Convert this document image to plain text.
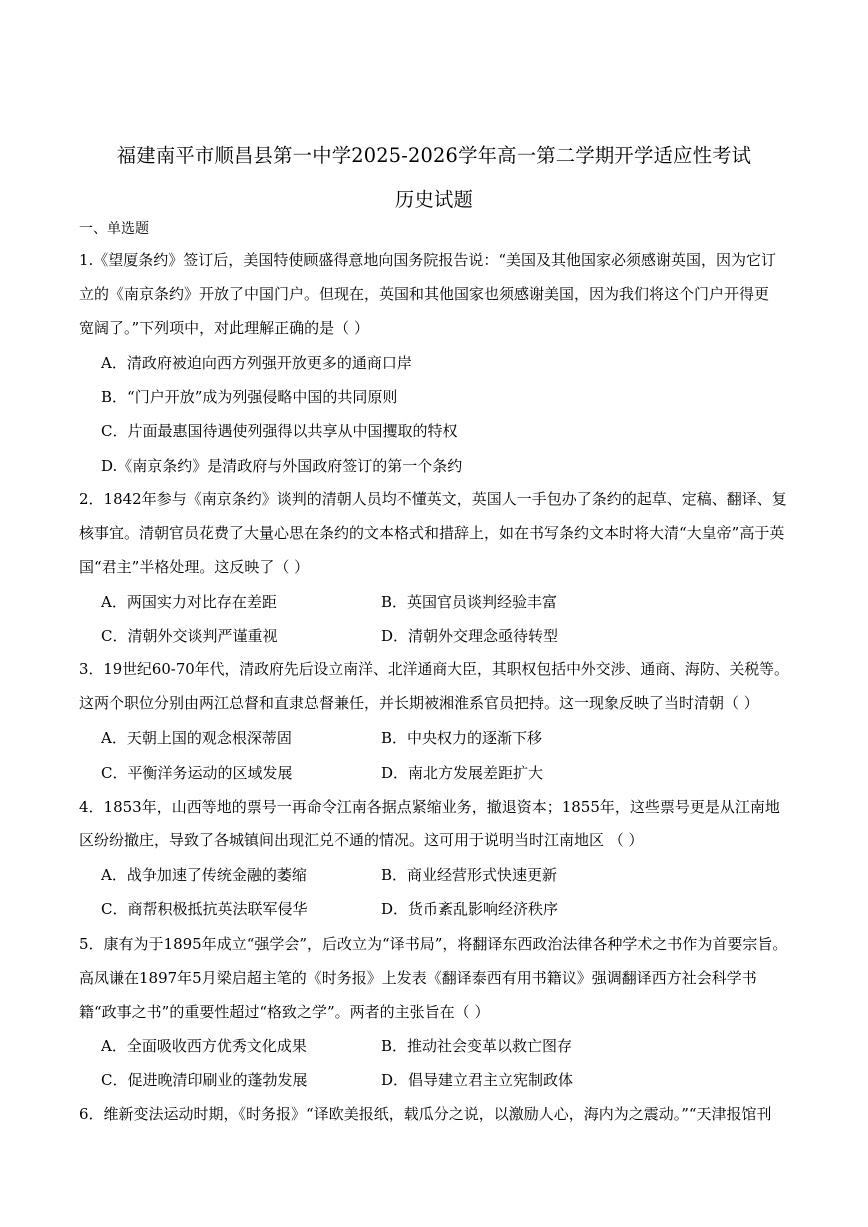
福建南平市顺昌县第一中学2025-2026学年高一第二学期开学适应性考试
历史试题
一、单选题
1.《望厦条约》签订后，美国特使顾盛得意地向国务院报告说：“美国及其他国家必须感谢英国，因为它订
立的《南京条约》开放了中国门户。但现在，英国和其他国家也须感谢美国，因为我们将这个门户开得更
宽阔了。”下列项中，对此理解正确的是（ ）
A．清政府被迫向西方列强开放更多的通商口岸
B．“门户开放”成为列强侵略中国的共同原则
C．片面最惠国待遇使列强得以共享从中国攫取的特权
D.《南京条约》是清政府与外国政府签订的第一个条约
2．1842年参与《南京条约》谈判的清朝人员均不懂英文，英国人一手包办了条约的起草、定稿、翻译、复
核事宜。清朝官员花费了大量心思在条约的文本格式和措辞上，如在书写条约文本时将大清“大皇帝”高于英
国“君主”半格处理。这反映了（ ）
A．两国实力对比存在差距	B．英国官员谈判经验丰富
C．清朝外交谈判严谨重视	D．清朝外交理念亟待转型
3．19世纪60-70年代，清政府先后设立南洋、北洋通商大臣，其职权包括中外交涉、通商、海防、关税等。
这两个职位分别由两江总督和直隶总督兼任，并长期被湘淮系官员把持。这一现象反映了当时清朝（ ）
A．天朝上国的观念根深蒂固	B．中央权力的逐渐下移
C．平衡洋务运动的区域发展	D．南北方发展差距扩大
4．1853年，山西等地的票号一再命令江南各据点紧缩业务，撤退资本；1855年，这些票号更是从江南地
区纷纷撤庄，导致了各城镇间出现汇兑不通的情况。这可用于说明当时江南地区 （ ）
A．战争加速了传统金融的萎缩	B．商业经营形式快速更新
C．商帮积极抵抗英法联军侵华	D．货币紊乱影响经济秩序
5．康有为于1895年成立“强学会”，后改立为“译书局”，将翻译东西政治法律各种学术之书作为首要宗旨。
高凤谦在1897年5月梁启超主笔的《时务报》上发表《翻译泰西有用书籍议》强调翻译西方社会科学书
籍“政事之书”的重要性超过“格致之学”。两者的主张旨在（ ）
A．全面吸收西方优秀文化成果	B．推动社会变革以救亡图存
C．促进晚清印刷业的蓬勃发展	D．倡导建立君主立宪制政体
6．维新变法运动时期，《时务报》“译欧美报纸，载瓜分之说，以激励人心，海内为之震动。”“天津报馆刊
